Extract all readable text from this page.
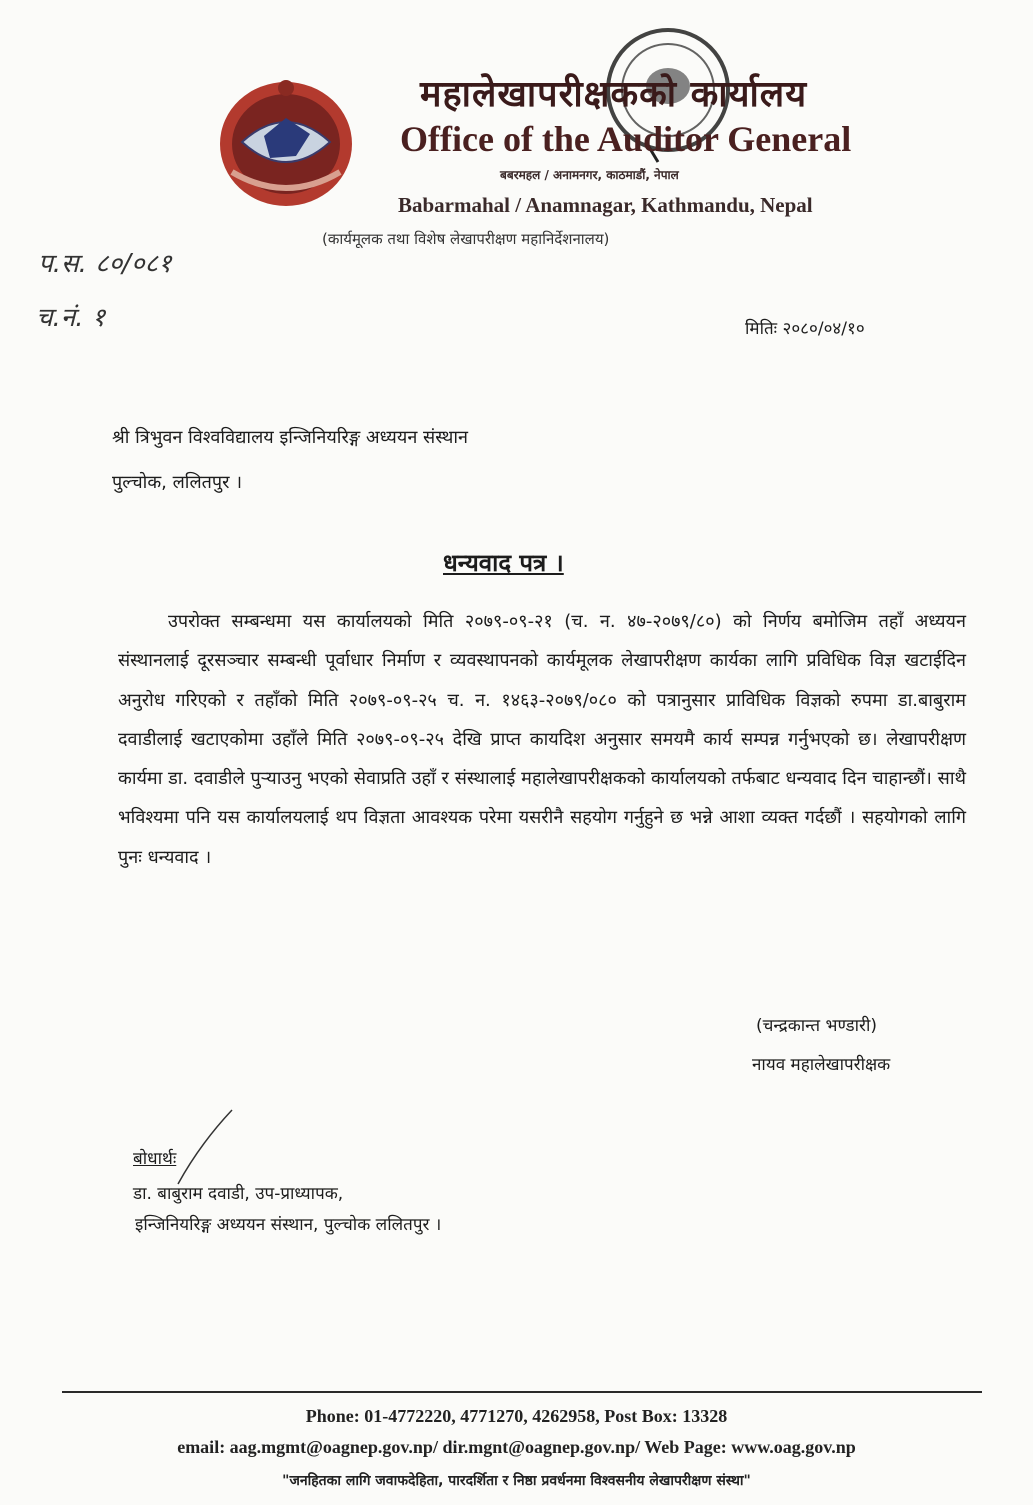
महालेखापरीक्षकको कार्यालय
Office of the Auditor General
बबरमहल / अनामनगर, काठमाडौं, नेपाल
Babarmahal / Anamnagar, Kathmandu, Nepal
(कार्यमूलक तथा विशेष लेखापरीक्षण महानिर्देशनालय)
प.स. ८०/०८१
च.नं. १	मितिः २०८०/०४/१०
श्री त्रिभुवन विश्वविद्यालय इन्जिनियरिङ्ग अध्ययन संस्थान
पुल्चोक, ललितपुर ।
धन्यवाद पत्र ।

उपरोक्त सम्बन्धमा यस कार्यालयको मिति २०७९-०९-२१ (च. न. ४७-२०७९/८०) को निर्णय बमोजिम तहाँ अध्ययन संस्थानलाई दूरसञ्चार सम्बन्धी पूर्वाधार निर्माण र व्यवस्थापनको कार्यमूलक लेखापरीक्षण कार्यका लागि प्रविधिक विज्ञ खटाईदिन अनुरोध गरिएको र तहाँको मिति २०७९-०९-२५ च. न. १४६३-२०७९/०८० को पत्रानुसार प्राविधिक विज्ञको रुपमा डा.बाबुराम दवाडीलाई खटाएकोमा उहाँले मिति २०७९-०९-२५ देखि प्राप्त कायदिश अनुसार समयमै कार्य सम्पन्न गर्नुभएको छ। लेखापरीक्षण कार्यमा डा. दवाडीले पुऱ्याउनु भएको सेवाप्रति उहाँ र संस्थालाई महालेखापरीक्षकको कार्यालयको तर्फबाट धन्यवाद दिन चाहान्छौं। साथै भविश्यमा पनि यस कार्यालयलाई थप विज्ञता आवश्यक परेमा यसरीनै सहयोग गर्नुहुने छ भन्ने आशा व्यक्त गर्दछौं । सहयोगको लागि पुनः धन्यवाद ।

(चन्द्रकान्त भण्डारी)
नायव महालेखापरीक्षक
बोधार्थः
डा. बाबुराम दवाडी, उप-प्राध्यापक,
इन्जिनियरिङ्ग अध्ययन संस्थान, पुल्चोक ललितपुर ।
Phone: 01-4772220, 4771270, 4262958, Post Box: 13328
email: aag.mgmt@oagnep.gov.np/ dir.mgnt@oagnep.gov.np/ Web Page: www.oag.gov.np
"जनहितका लागि जवाफदेहिता, पारदर्शिता र निष्ठा प्रवर्धनमा विश्वसनीय लेखापरीक्षण संस्था"
